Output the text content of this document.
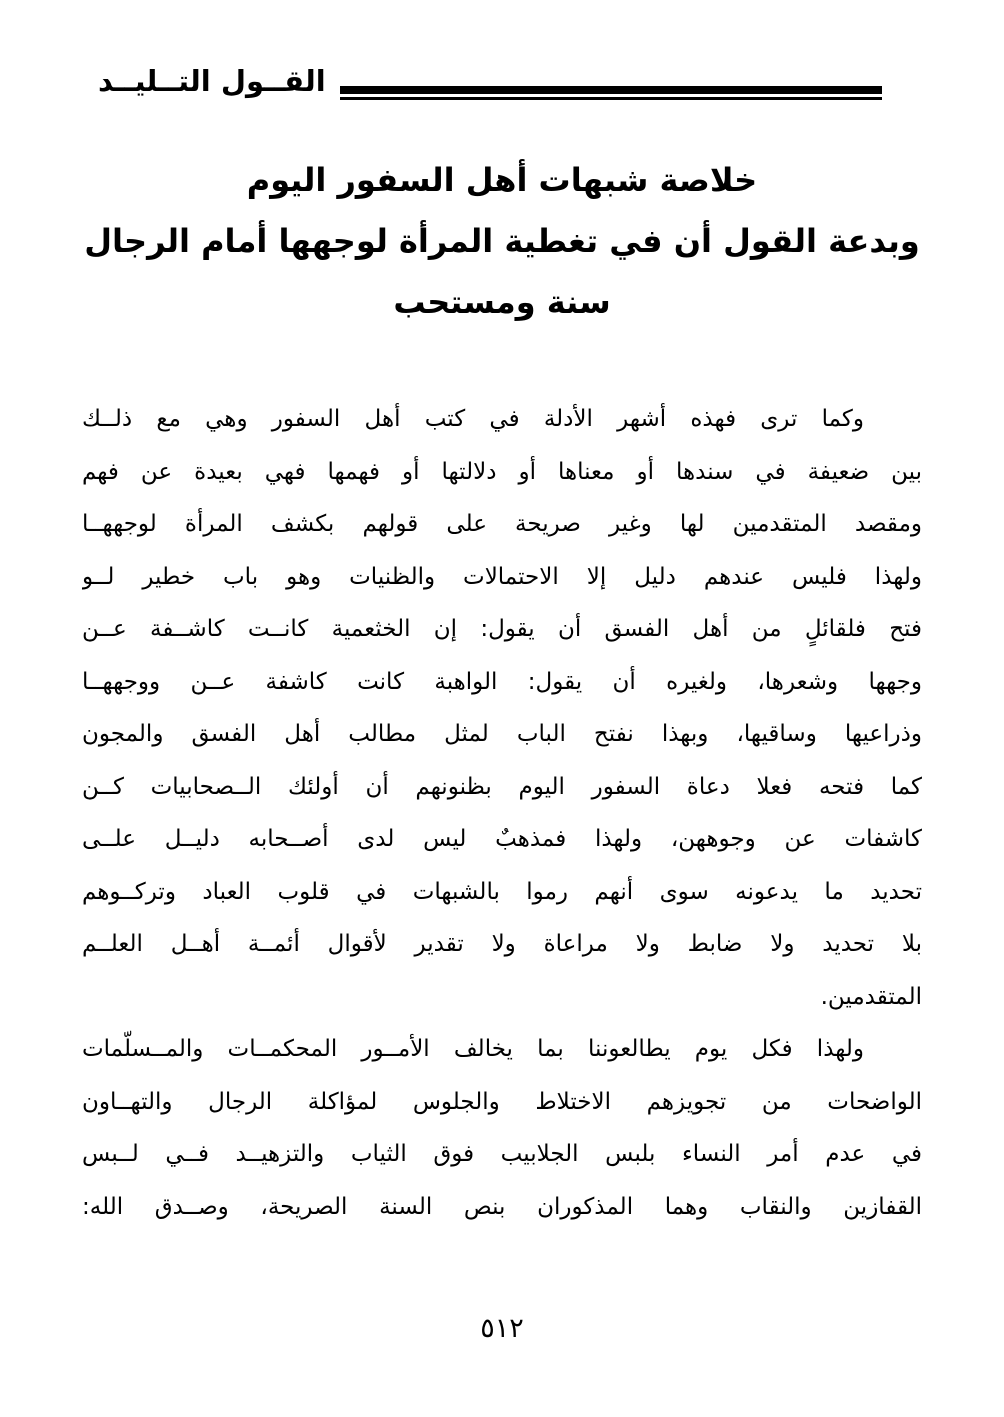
القــول التــليــد
خلاصة شبهات أهل السفور اليوم
وبدعة القول أن في تغطية المرأة لوجهها أمام الرجال
سنة ومستحب
وكما ترى فهذه أشهر الأدلة في كتب أهل السفور وهي مع ذلــك
بين ضعيفة في سندها أو معناها أو دلالتها أو فهمها فهي بعيدة عن فهم
ومقصد المتقدمين لها وغير صريحة على قولهم بكشف المرأة لوجههــا
ولهذا فليس عندهم دليل إلا الاحتمالات والظنيات وهو باب خطير لــو
فتح فلقائلٍ من أهل الفسق أن يقول: إن الخثعمية كانــت كاشــفة عــن
وجهها وشعرها، ولغيره أن يقول: الواهبة كانت كاشفة عــن ووجههــا
وذراعيها وساقيها، وبهذا نفتح الباب لمثل مطالب أهل الفسق والمجون
كما فتحه فعلا دعاة السفور اليوم بظنونهم أن أولئك الــصحابيات كــن
كاشفات عن وجوههن، ولهذا فمذهبٌ ليس لدى أصــحابه دليــل علــى
تحديد ما يدعونه سوى أنهم رموا بالشبهات في قلوب العباد وتركــوهم
بلا تحديد ولا ضابط ولا مراعاة ولا تقدير لأقوال أئمــة أهــل العلــم
المتقدمين.
ولهذا فكل يوم يطالعوننا بما يخالف الأمــور المحكمــات والمــسلّمات
الواضحات من تجويزهم الاختلاط والجلوس لمؤاكلة الرجال والتهــاون
في عدم أمر النساء بلبس الجلابيب فوق الثياب والتزهيــد فــي لــبس
القفازين والنقاب وهما المذكوران بنص السنة الصريحة، وصــدق الله:
٥١٢
